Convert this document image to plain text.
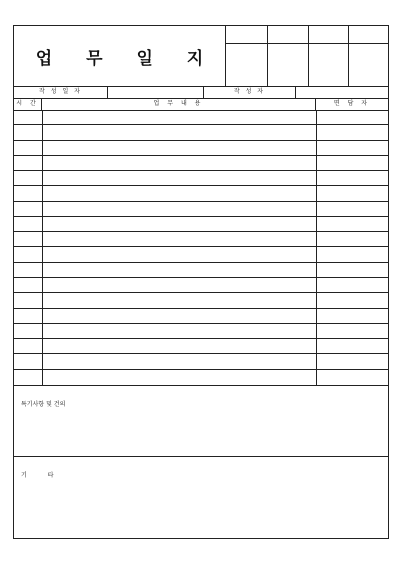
업 무 일 지
작 성 일 자	작 성 자
시 간	업 무 내 용	면 담 자
특기사항 및 건의
기           타
